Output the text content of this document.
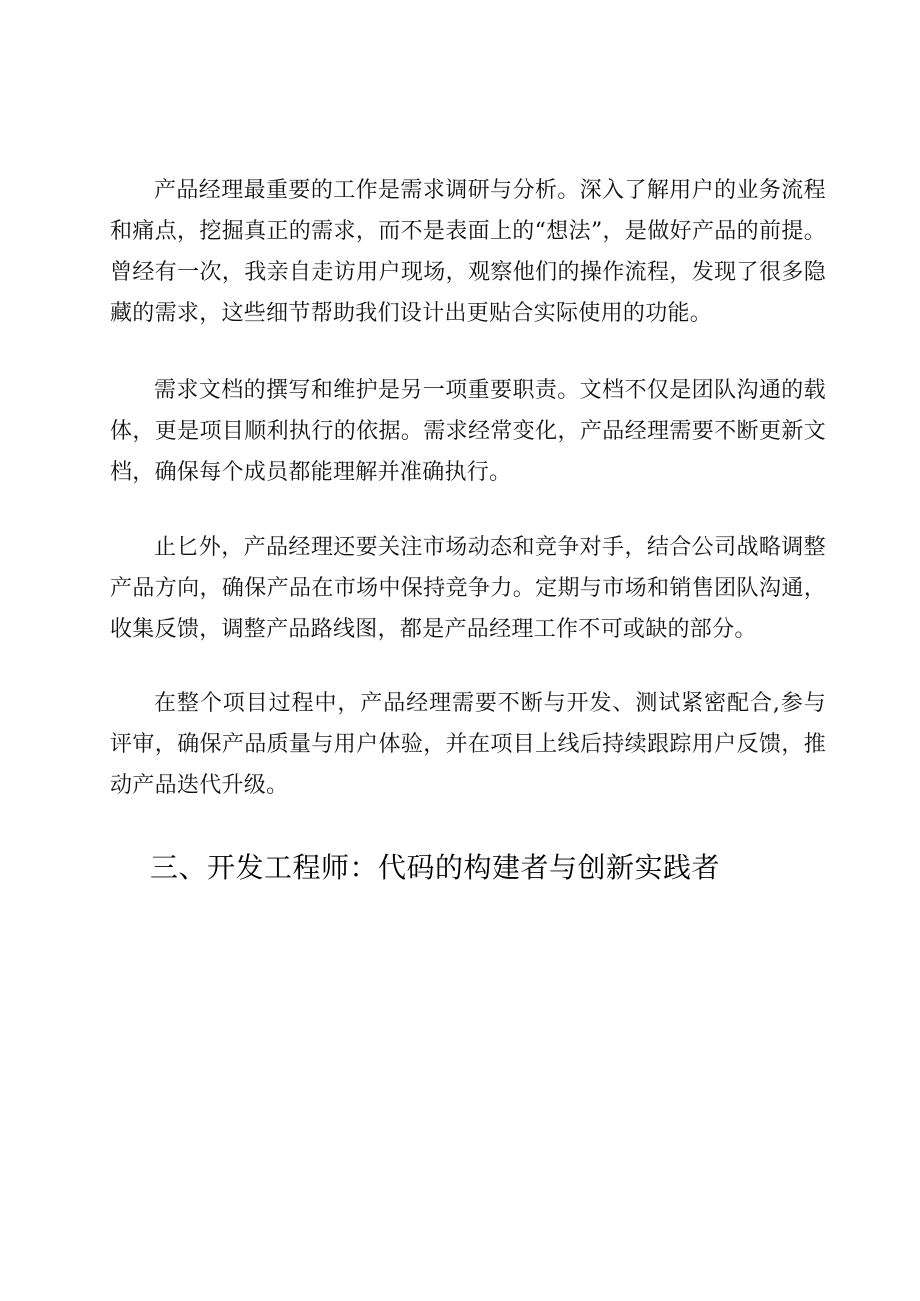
产品经理最重要的工作是需求调研与分析。深入了解用户的业务流程和痛点，挖掘真正的需求，而不是表面上的“想法”，是做好产品的前提。曾经有一次，我亲自走访用户现场，观察他们的操作流程，发现了很多隐藏的需求，这些细节帮助我们设计出更贴合实际使用的功能。

需求文档的撰写和维护是另一项重要职责。文档不仅是团队沟通的载体，更是项目顺利执行的依据。需求经常变化，产品经理需要不断更新文档，确保每个成员都能理解并准确执行。

止匕外，产品经理还要关注市场动态和竞争对手，结合公司战略调整产品方向，确保产品在市场中保持竞争力。定期与市场和销售团队沟通，收集反馈，调整产品路线图，都是产品经理工作不可或缺的部分。

在整个项目过程中，产品经理需要不断与开发、测试紧密配合,参与评审，确保产品质量与用户体验，并在项目上线后持续跟踪用户反馈，推动产品迭代升级。

三、开发工程师：代码的构建者与创新实践者
